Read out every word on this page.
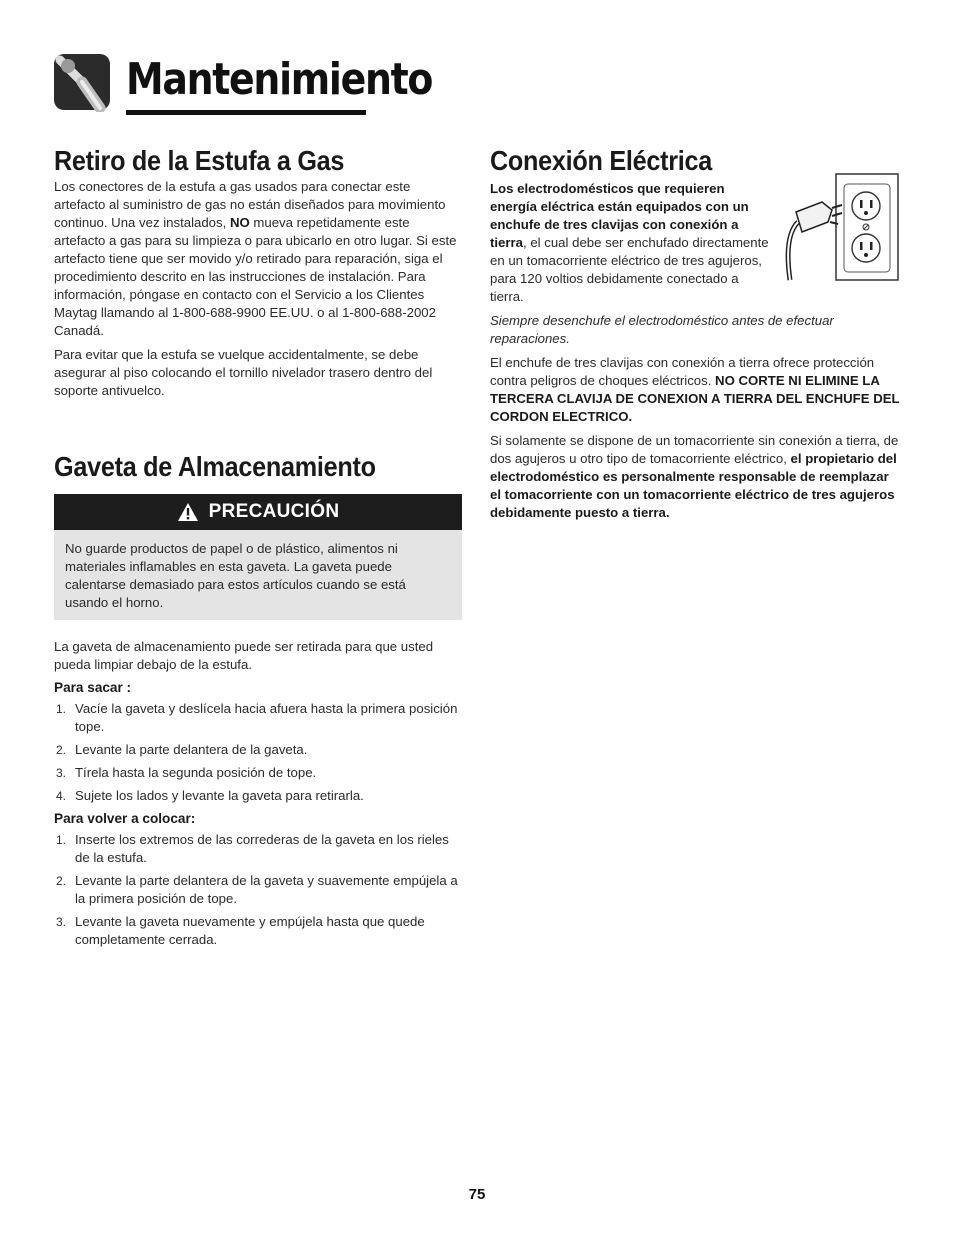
Mantenimiento
Retiro de la Estufa a Gas

Los conectores de la estufa a gas usados para conectar este artefacto al suministro de gas no están diseñados para movimiento continuo. Una vez instalados, NO mueva repetidamente este artefacto a gas para su limpieza o para ubicarlo en otro lugar. Si este artefacto tiene que ser movido y/o retirado para reparación, siga el procedimiento descrito en las instrucciones de instalación. Para información, póngase en contacto con el Servicio a los Clientes Maytag llamando al 1-800-688-9900 EE.UU. o al 1-800-688-2002 Canadá.

Para evitar que la estufa se vuelque accidentalmente, se debe asegurar al piso colocando el tornillo nivelador trasero dentro del soporte antivuelco.

Gaveta de Almacenamiento
PRECAUCIÓN

No guarde productos de papel o de plástico, alimentos ni materiales inflamables en esta gaveta. La gaveta puede calentarse demasiado para estos artículos cuando se está usando el horno.

La gaveta de almacenamiento puede ser retirada para que usted pueda limpiar debajo de la estufa.

Para sacar :
1. Vacíe la gaveta y deslícela hacia afuera hasta la primera posición tope.
2. Levante la parte delantera de la gaveta.
3. Tírela hasta la segunda posición de tope.
4. Sujete los lados y levante la gaveta para retirarla.
Para volver a colocar:
1. Inserte los extremos de las correderas de la gaveta en los rieles de la estufa.
2. Levante la parte delantera de la gaveta y suavemente empújela a la primera posición de tope.
3. Levante la gaveta nuevamente y empújela hasta que quede completamente cerrada.
Conexión Eléctrica

Los electrodomésticos que requieren energía eléctrica están equipados con un enchufe de tres clavijas con conexión a tierra, el cual debe ser enchufado directamente en un tomacorriente eléctrico de tres agujeros, para 120 voltios debidamente conectado a tierra.

Siempre desenchufe el electrodoméstico antes de efectuar reparaciones.

El enchufe de tres clavijas con conexión a tierra ofrece protección contra peligros de choques eléctricos. NO CORTE NI ELIMINE LA TERCERA CLAVIJA DE CONEXION A TIERRA DEL ENCHUFE DEL CORDON ELECTRICO.

Si solamente se dispone de un tomacorriente sin conexión a tierra, de dos agujeros u otro tipo de tomacorriente eléctrico, el propietario del electrodoméstico es personalmente responsable de reemplazar el tomacorriente con un tomacorriente eléctrico de tres agujeros debidamente puesto a tierra.

75
